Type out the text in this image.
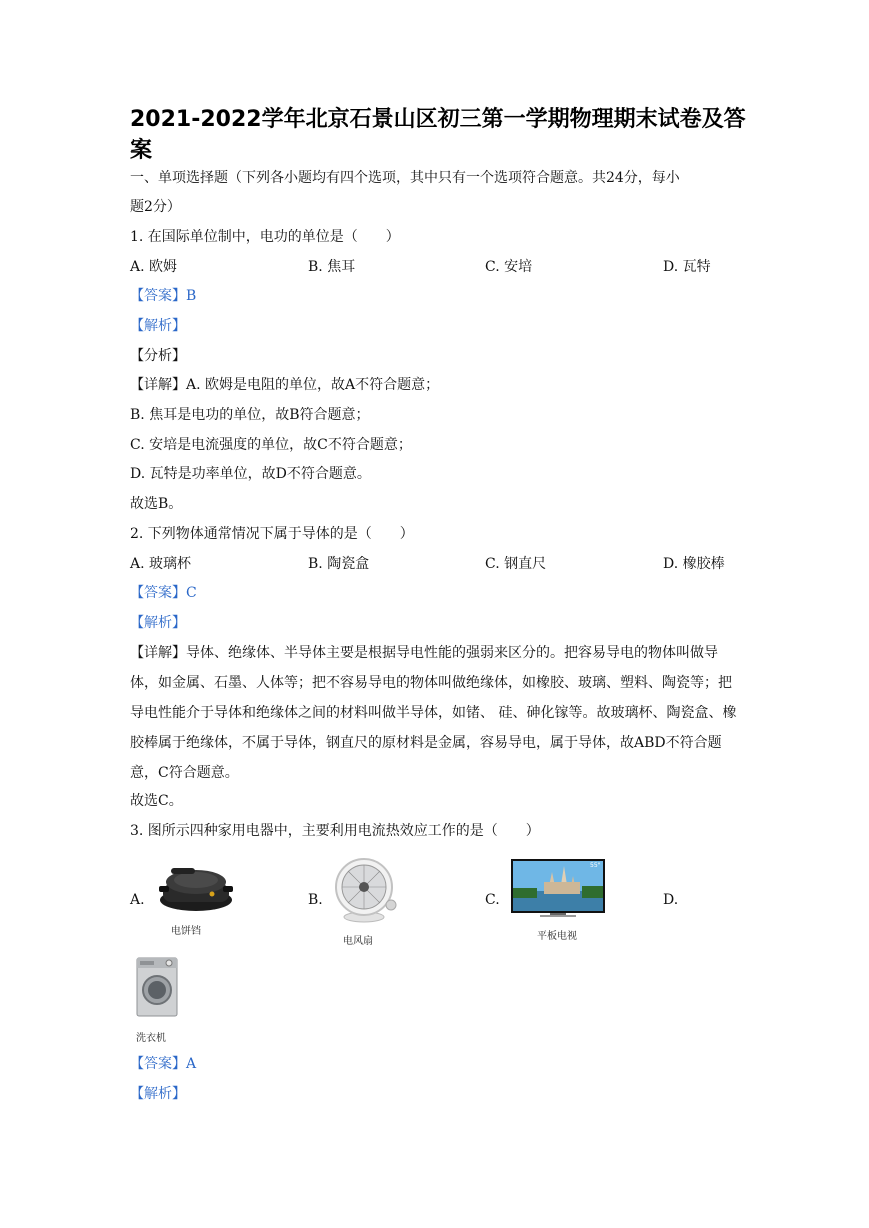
2021-2022学年北京石景山区初三第一学期物理期末试卷及答案
一、单项选择题（下列各小题均有四个选项，其中只有一个选项符合题意。共24分，每小
题2分）
1. 在国际单位制中，电功的单位是（　　）
A. 欧姆	B. 焦耳	C. 安培	D. 瓦特
【答案】B
【解析】
【分析】
【详解】A. 欧姆是电阻的单位，故A不符合题意；
B. 焦耳是电功的单位，故B符合题意；
C. 安培是电流强度的单位，故C不符合题意；
D. 瓦特是功率单位，故D不符合题意。
故选B。
2. 下列物体通常情况下属于导体的是（　　）
A. 玻璃杯	B. 陶瓷盒	C. 钢直尺	D. 橡胶棒
【答案】C
【解析】
【详解】导体、绝缘体、半导体主要是根据导电性能的强弱来区分的。把容易导电的物体叫做导体，如金属、石墨、人体等；把不容易导电的物体叫做绝缘体，如橡胶、玻璃、塑料、陶瓷等；把导电性能介于导体和绝缘体之间的材料叫做半导体，如锗、 硅、砷化镓等。故玻璃杯、陶瓷盒、橡胶棒属于绝缘体，不属于导体，钢直尺的原材料是金属，容易导电，属于导体，故ABD不符合题意，C符合题意。
故选C。
3. 图所示四种家用电器中，主要利用电流热效应工作的是（　　）
A.	B.	C.	D.
电饼铛
电风扇
55"
平板电视
洗衣机
【答案】A
【解析】
